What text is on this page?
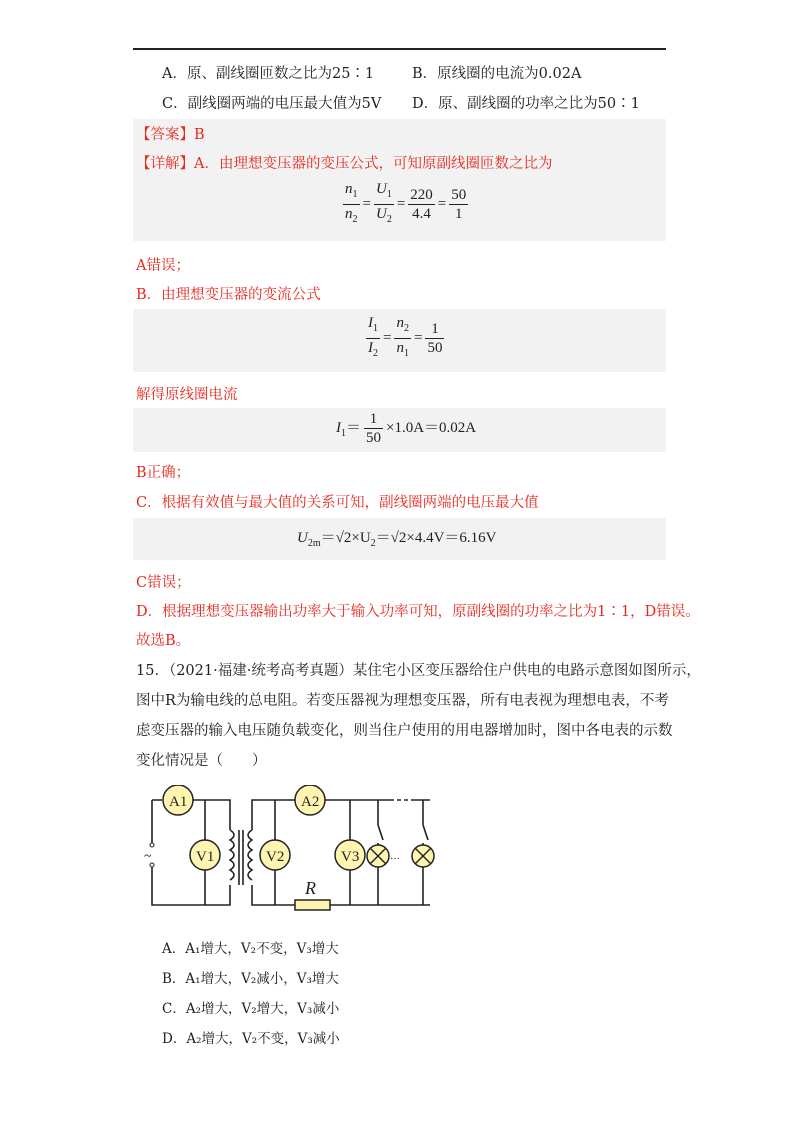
A．原、副线圈匝数之比为25∶1	B．原线圈的电流为0.02A
C．副线圈两端的电压最大值为5V D．原、副线圈的功率之比为50∶1
【答案】B
【详解】A．由理想变压器的变压公式，可知原副线圈匝数之比为
$\frac{n_1}{n_2} = \frac{U_1}{U_2} = \frac{220}{4.4} = \frac{50}{1}$
A错误；
B．由理想变压器的变流公式
$\frac{I_1}{I_2} = \frac{n_2}{n_1} = \frac{1}{50}$
解得原线圈电流
$I_1= \frac{1}{50} \times 1.0A=0.02A$
B正确；
C．根据有效值与最大值的关系可知，副线圈两端的电压最大值
$U_{2m}=√2\times U_2=√2\times 4.4V=6.16V$
C错误；
D．根据理想变压器输出功率大于输入功率可知，原副线圈的功率之比为1∶1，D错误。
故选B。
15．（2021·福建·统考高考真题）某住宅小区变压器给住户供电的电路示意图如图所示，
图中R为输电线的总电阻。若变压器视为理想变压器，所有电表视为理想电表，不考
虑变压器的输入电压随负载变化，则当住户使用的用电器增加时，图中各电表的示数
变化情况是（　　）
~	…
A1
V1
A2
V2	V3
R
A．A₁增大，V₂不变，V₃增大
B．A₁增大，V₂减小，V₃增大
C．A₂增大，V₂增大，V₃减小
D．A₂增大，V₂不变，V₃减小
